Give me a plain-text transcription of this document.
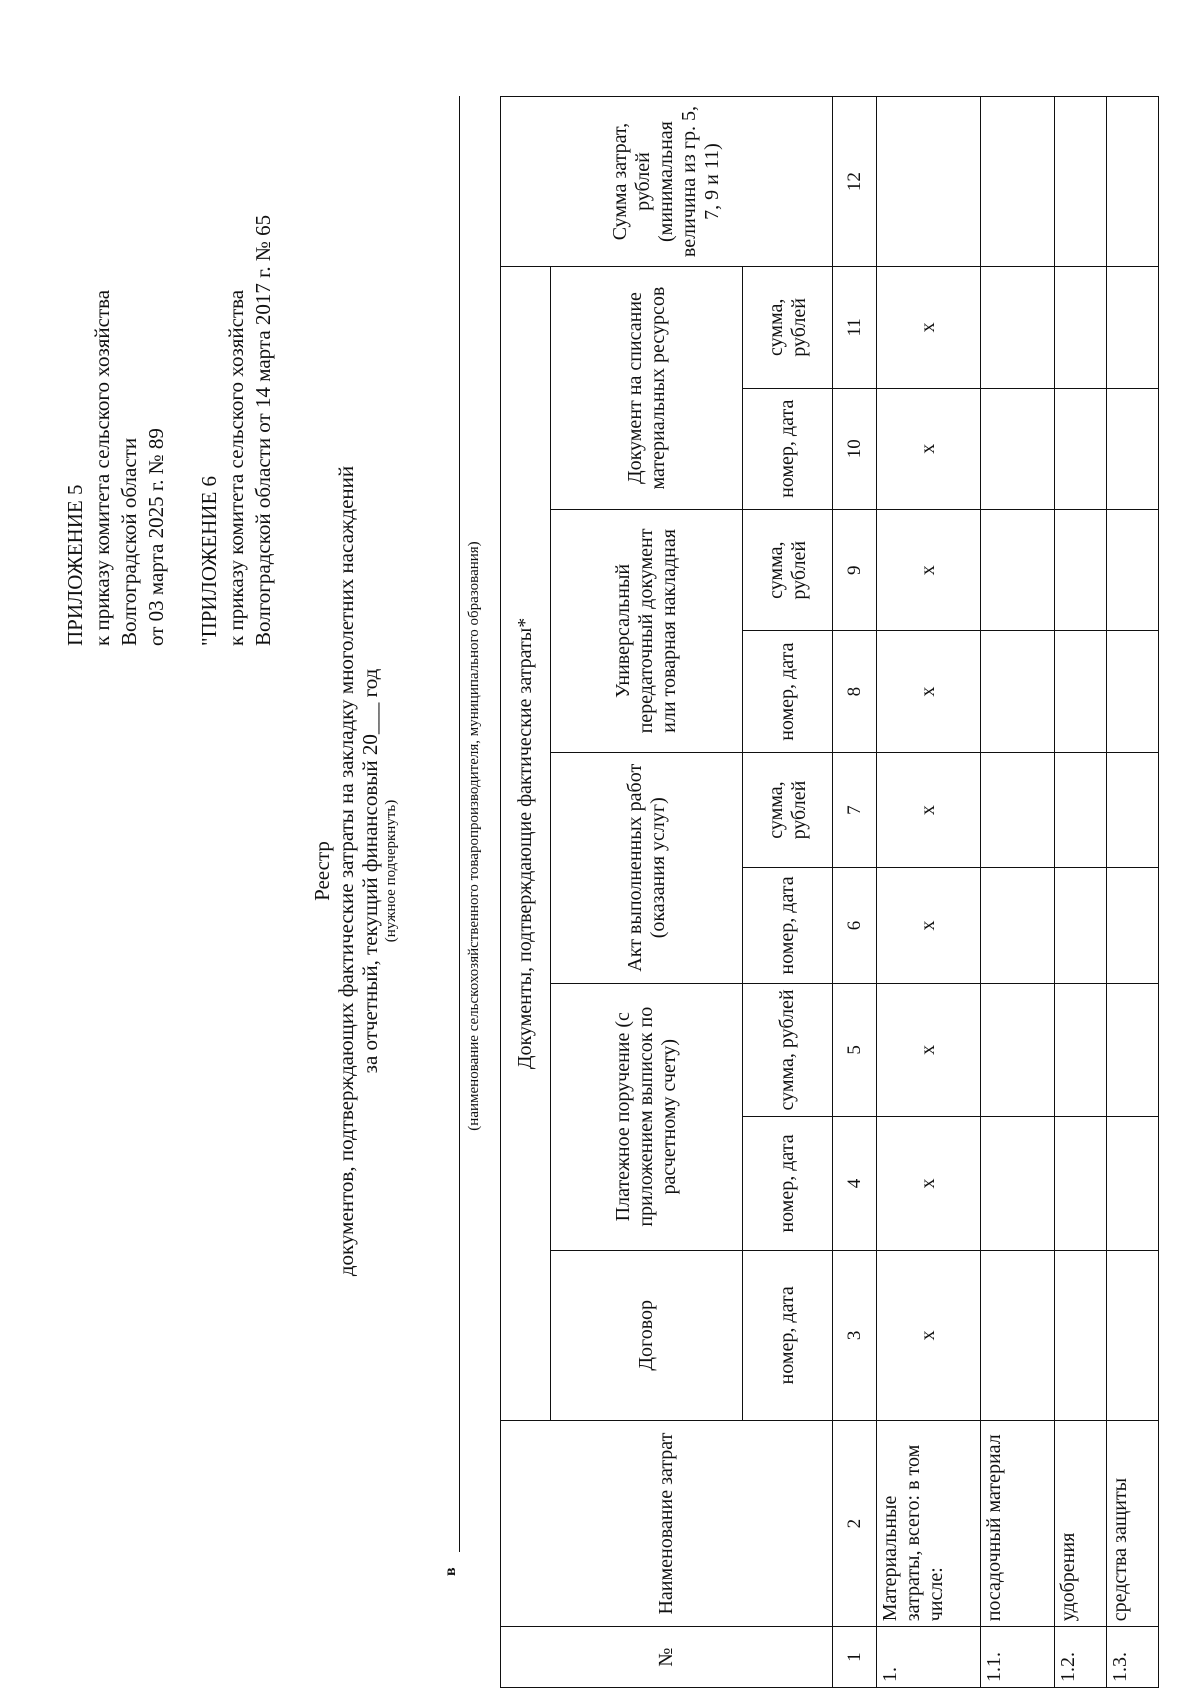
ПРИЛОЖЕНИЕ 5 к приказу комитета сельского хозяйства Волгоградской области от 03 марта 2025 г. № 89 "ПРИЛОЖЕНИЕ 6 к приказу комитета сельского хозяйства Волгоградской области от 14 марта 2017 г. № 65
Реестр документов, подтверждающих фактические затраты на закладку многолетних насаждений за отчетный, текущий финансовый 20___ год (нужное подчеркнуть)
в
(наименование сельскохозяйственного товаропроизводителя, муниципального образования)
№	Наименование затрат	Документы, подтверждающие фактические затраты*									Сумма затрат, рублей (минимальная величина из гр. 5, 7, 9 и 11)
		Договор	Платежное поручение (с приложением выписок по расчетному счету)		Акт выполненных работ (оказания услуг)		Универсальный передаточный документ или товарная накладная		Документ на списание материальных ресурсов		
		номер, дата	номер, дата	сумма, рублей	номер, дата	сумма, рублей	номер, дата	сумма, рублей	номер, дата	сумма, рублей	
1	2	3	4	5	6	7	8	9	10	11	12
1.	Материальные затраты, всего: в том числе:	х	х	х	х	х	х	х	х	х	
1.1.	посадочный материал										
1.2.	удобрения										
1.3.	средства защиты										
